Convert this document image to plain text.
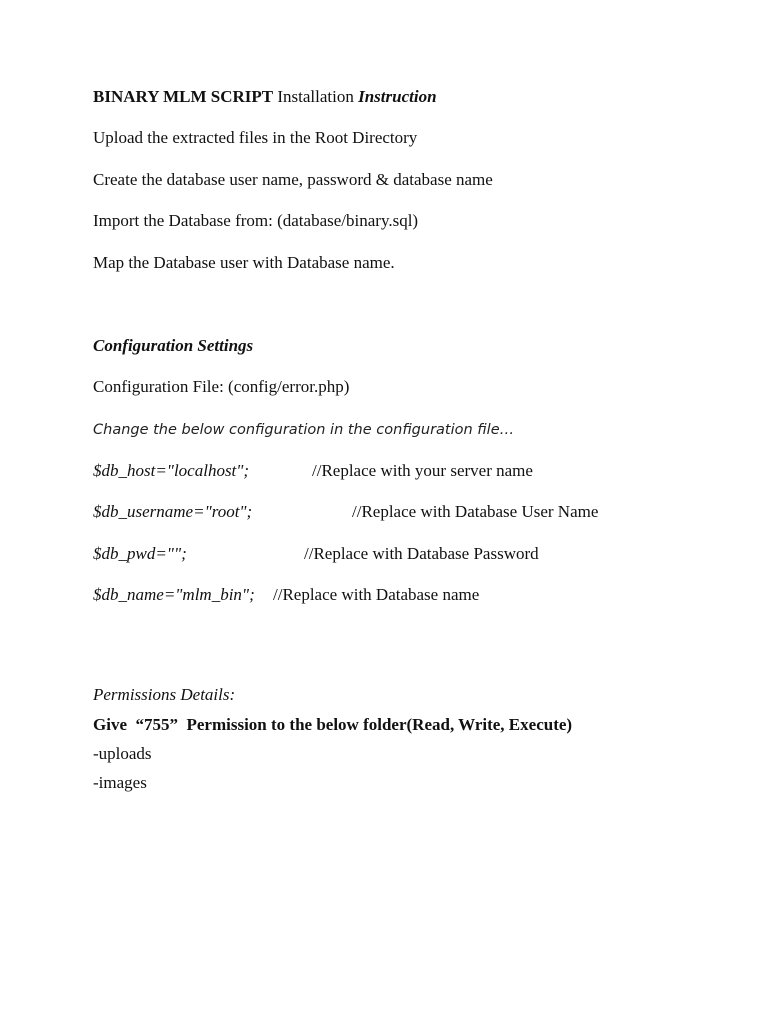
BINARY MLM SCRIPT Installation Instruction
Upload the extracted files in the Root Directory
Create the database user name, password & database name
Import the Database from: (database/binary.sql)
Map the Database user with Database name.
Configuration Settings
Configuration File: (config/error.php)
Change the below configuration in the configuration file…
$db_host="localhost";	//Replace with your server name
$db_username="root";	//Replace with Database User Name
$db_pwd="";	//Replace with Database Password
$db_name="mlm_bin"; //Replace with Database name
Permissions Details:
Give  “755”  Permission to the below folder(Read, Write, Execute)
-uploads
-images
